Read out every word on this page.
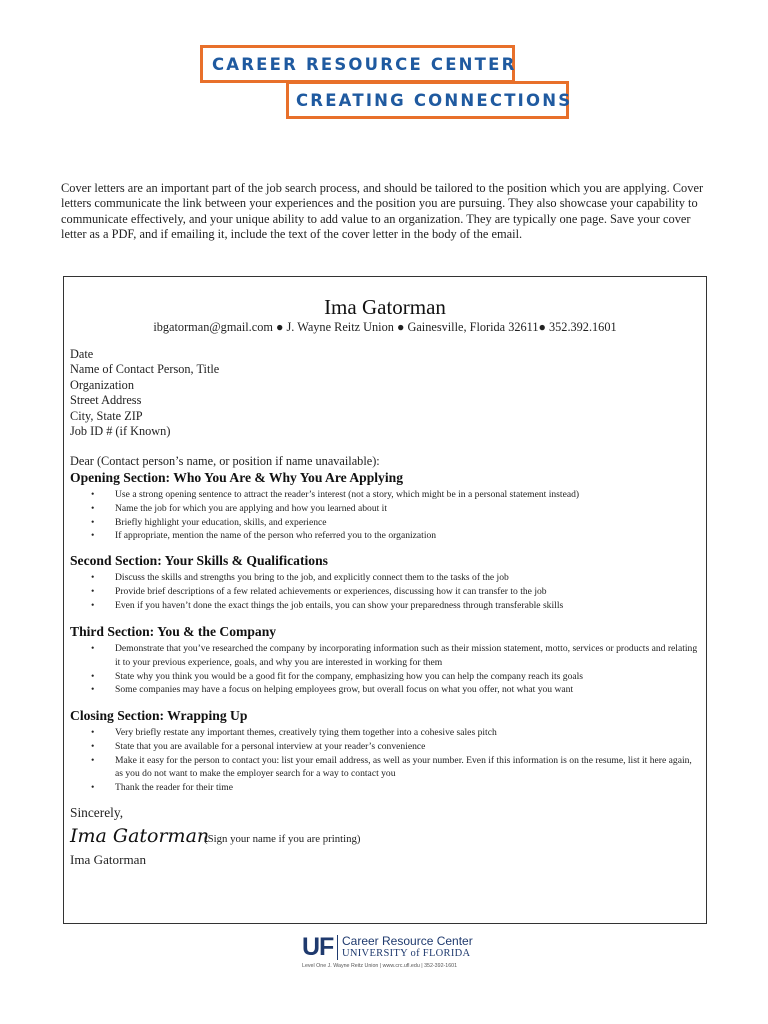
CAREER RESOURCE CENTER
CREATING CONNECTIONS

Cover letters are an important part of the job search process, and should be tailored to the position which you are applying. Cover letters communicate the link between your experiences and the position you are pursuing. They also showcase your capability to communicate effectively, and your unique ability to add value to an organization. They are typically one page. Save your cover letter as a PDF, and if emailing it, include the text of the cover letter in the body of the email.

Ima Gatorman
ibgatorman@gmail.com ● J. Wayne Reitz Union ● Gainesville, Florida 32611● 352.392.1601
Date
Name of Contact Person, Title
Organization
Street Address
City, State ZIP
Job ID # (if Known)
Dear (Contact person’s name, or position if name unavailable):
Opening Section: Who You Are & Why You Are Applying
• Use a strong opening sentence to attract the reader’s interest (not a story, which might be in a personal statement instead)
• Name the job for which you are applying and how you learned about it
• Briefly highlight your education, skills, and experience
• If appropriate, mention the name of the person who referred you to the organization
Second Section: Your Skills & Qualifications
• Discuss the skills and strengths you bring to the job, and explicitly connect them to the tasks of the job
• Provide brief descriptions of a few related achievements or experiences, discussing how it can transfer to the job
• Even if you haven’t done the exact things the job entails, you can show your preparedness through transferable skills
Third Section: You & the Company
• Demonstrate that you’ve researched the company by incorporating information such as their mission statement, motto, services or products and relating it to your previous experience, goals, and why you are interested in working for them
• State why you think you would be a good fit for the company, emphasizing how you can help the company reach its goals
• Some companies may have a focus on helping employees grow, but overall focus on what you offer, not what you want
Closing Section: Wrapping Up
• Very briefly restate any important themes, creatively tying them together into a cohesive sales pitch
• State that you are available for a personal interview at your reader’s convenience
• Make it easy for the person to contact you: list your email address, as well as your number. Even if this information is on the resume, list it here again, as you do not want to make the employer search for a way to contact you
• Thank the reader for their time
Sincerely,
Ima Gatorman
(Sign your name if you are printing)
Ima Gatorman
UF Career Resource Center
UNIVERSITY of FLORIDA
Level One J. Wayne Reitz Union | www.crc.ufl.edu | 352-392-1601
